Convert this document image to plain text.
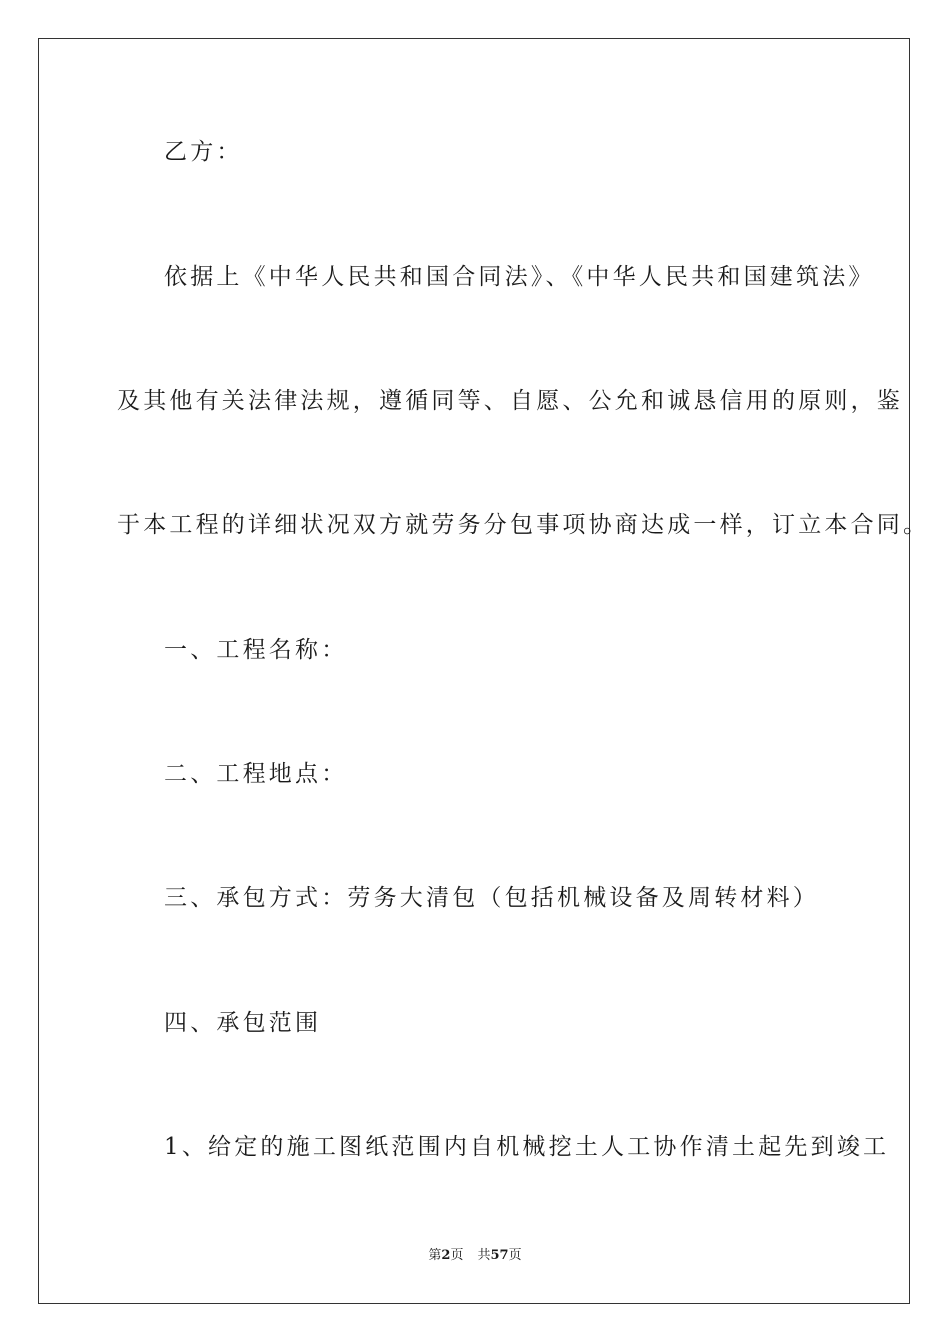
乙方：
依据上《中华人民共和国合同法》、《中华人民共和国建筑法》
及其他有关法律法规，遵循同等、自愿、公允和诚恳信用的原则，鉴
于本工程的详细状况双方就劳务分包事项协商达成一样，订立本合同。
一、工程名称：
二、工程地点：
三、承包方式：劳务大清包（包括机械设备及周转材料）
四、承包范围
1、给定的施工图纸范围内自机械挖土人工协作清土起先到竣工
第2页 共57页
